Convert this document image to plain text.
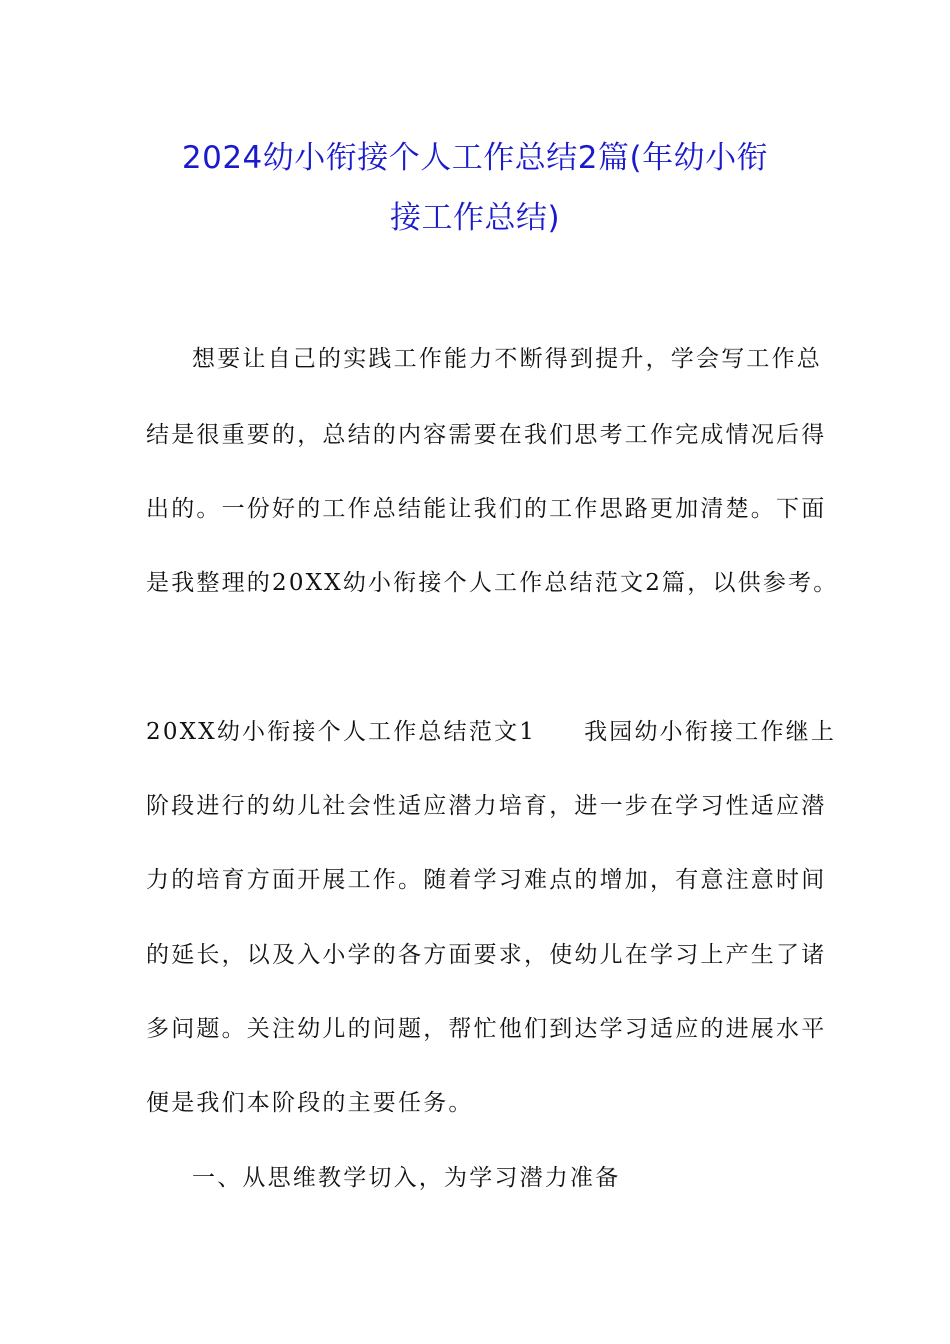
2024幼小衔接个人工作总结2篇(年幼小衔
接工作总结)

想要让自己的实践工作能力不断得到提升，学会写工作总

结是很重要的，总结的内容需要在我们思考工作完成情况后得

出的。一份好的工作总结能让我们的工作思路更加清楚。下面

是我整理的20XX幼小衔接个人工作总结范文2篇，以供参考。

20XX幼小衔接个人工作总结范文1 我园幼小衔接工作继上

阶段进行的幼儿社会性适应潜力培育，进一步在学习性适应潜

力的培育方面开展工作。随着学习难点的增加，有意注意时间

的延长，以及入小学的各方面要求，使幼儿在学习上产生了诸

多问题。关注幼儿的问题，帮忙他们到达学习适应的进展水平

便是我们本阶段的主要任务。

一、从思维教学切入，为学习潜力准备
